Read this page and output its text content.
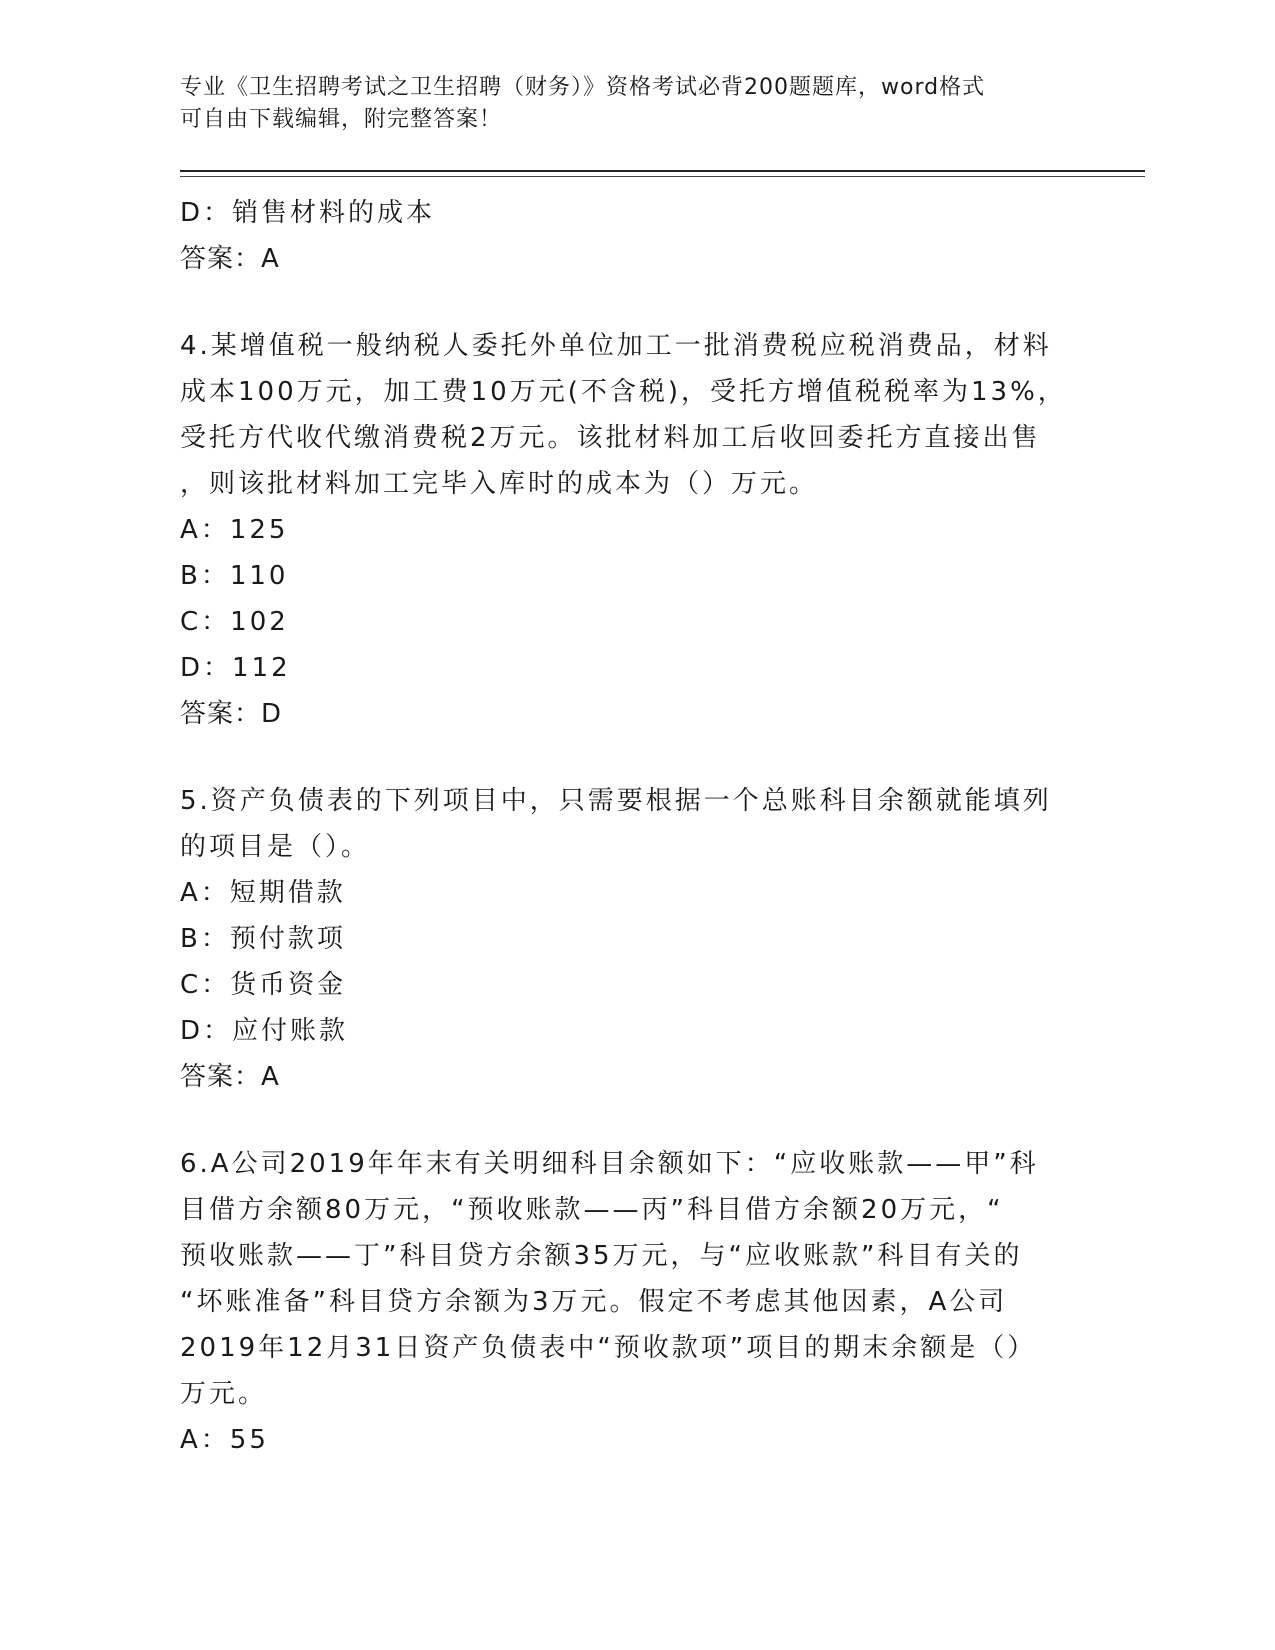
专业《卫生招聘考试之卫生招聘（财务）》资格考试必背200题题库，word格式
可自由下载编辑，附完整答案！

D：销售材料的成本

答案：A

4.某增值税一般纳税人委托外单位加工一批消费税应税消费品，材料

成本100万元，加工费10万元(不含税)，受托方增值税税率为13%，

受托方代收代缴消费税2万元。该批材料加工后收回委托方直接出售

，则该批材料加工完毕入库时的成本为（）万元。

A：125

B：110

C：102

D：112

答案：D

5.资产负债表的下列项目中，只需要根据一个总账科目余额就能填列

的项目是（）。

A：短期借款

B：预付款项

C：货币资金

D：应付账款

答案：A

6.A公司2019年年末有关明细科目余额如下：“应收账款——甲”科

目借方余额80万元，“预收账款——丙”科目借方余额20万元，“

预收账款——丁”科目贷方余额35万元，与“应收账款”科目有关的

“坏账准备”科目贷方余额为3万元。假定不考虑其他因素，A公司

2019年12月31日资产负债表中“预收款项”项目的期末余额是（）

万元。

A：55
